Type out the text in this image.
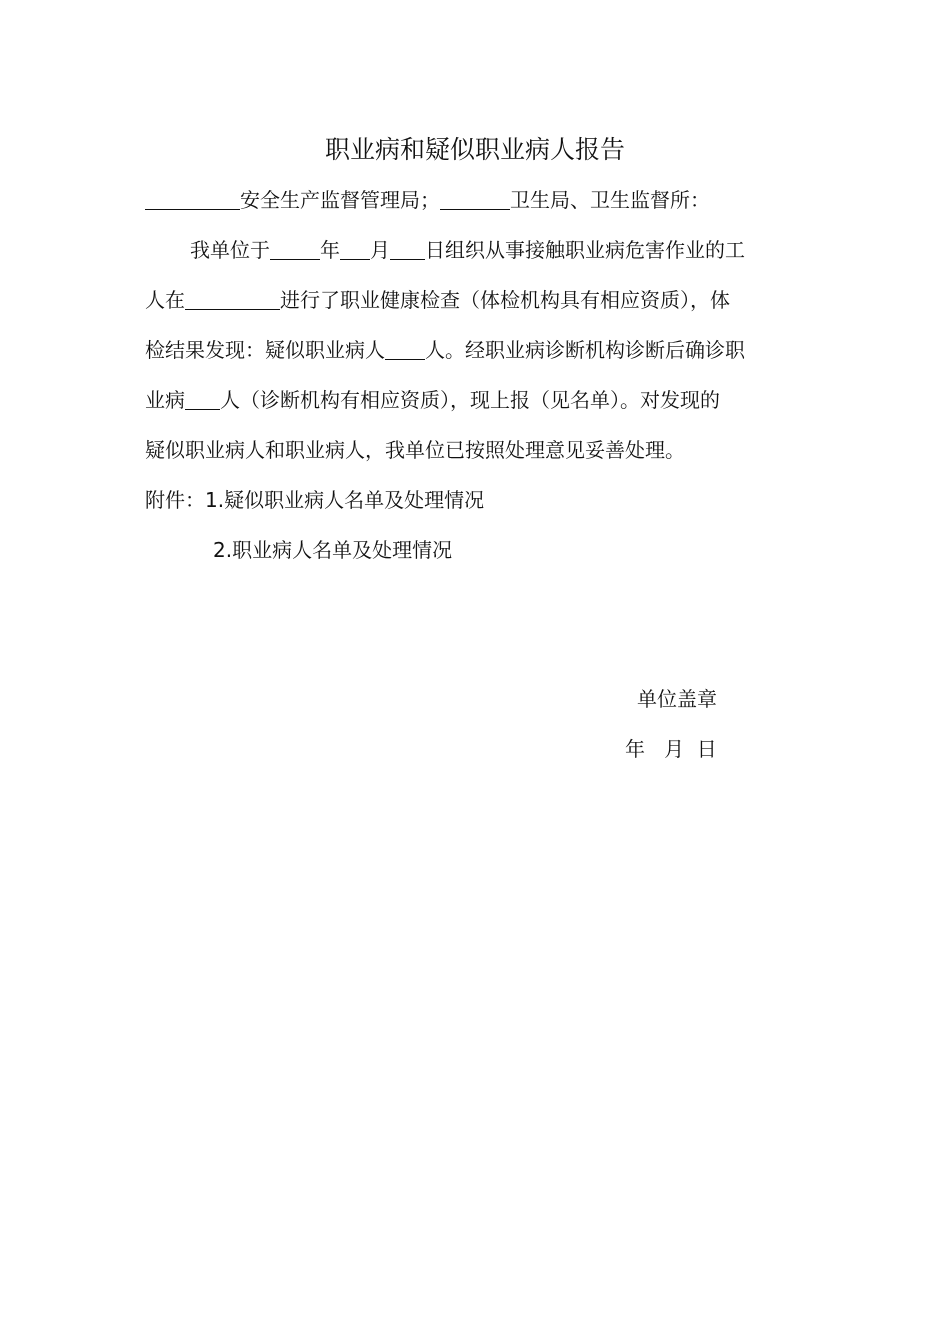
职业病和疑似职业病人报告
安全生产监督管理局；	卫生局、卫生监督所：
我单位于	年 月 日组织从事接触职业病危害作业的工
人在	进行了职业健康检查（体检机构具有相应资质），体
检结果发现：疑似职业病人 人。经职业病诊断机构诊断后确诊职
业病 人（诊断机构有相应资质），现上报（见名单）。对发现的
疑似职业病人和职业病人，我单位已按照处理意见妥善处理。
附件：1.疑似职业病人名单及处理情况
2.职业病人名单及处理情况
单位盖章
年   月  日
